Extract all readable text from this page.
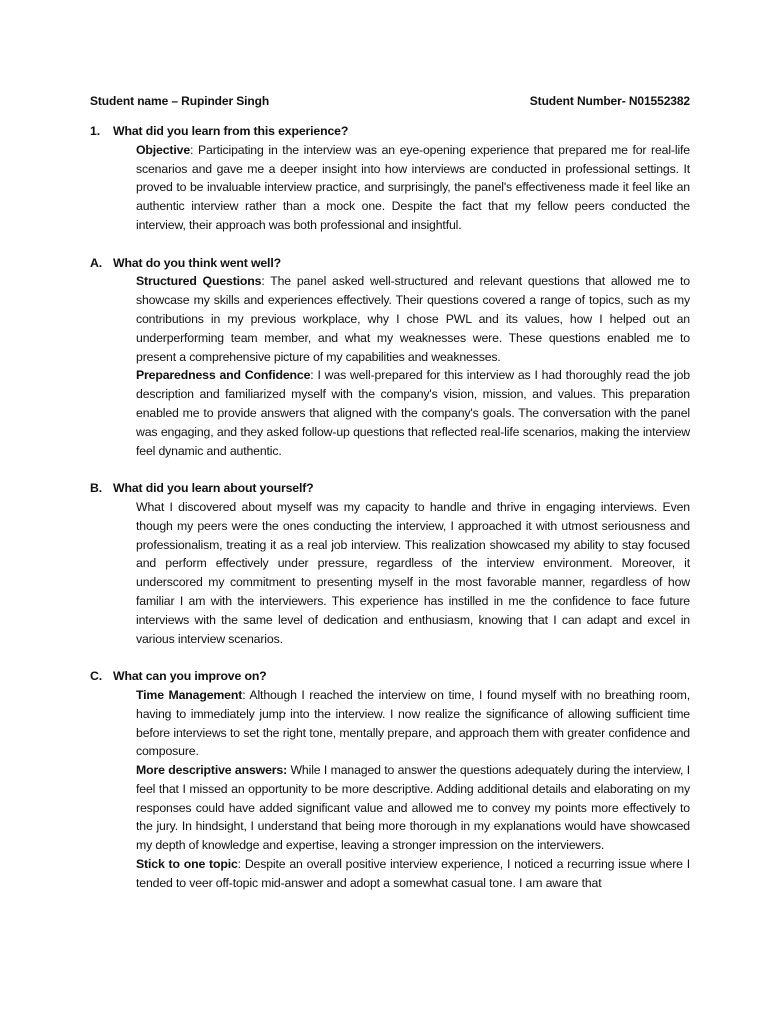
Student name – Rupinder Singh	Student Number- N01552382
1.	What did you learn from this experience?

Objective: Participating in the interview was an eye-opening experience that prepared me for real-life scenarios and gave me a deeper insight into how interviews are conducted in professional settings. It proved to be invaluable interview practice, and surprisingly, the panel's effectiveness made it feel like an authentic interview rather than a mock one. Despite the fact that my fellow peers conducted the interview, their approach was both professional and insightful.

A. What do you think went well?

Structured Questions: The panel asked well-structured and relevant questions that allowed me to showcase my skills and experiences effectively. Their questions covered a range of topics, such as my contributions in my previous workplace, why I chose PWL and its values, how I helped out an underperforming team member, and what my weaknesses were. These questions enabled me to present a comprehensive picture of my capabilities and weaknesses.

Preparedness and Confidence: I was well-prepared for this interview as I had thoroughly read the job description and familiarized myself with the company's vision, mission, and values. This preparation enabled me to provide answers that aligned with the company's goals. The conversation with the panel was engaging, and they asked follow-up questions that reflected real-life scenarios, making the interview feel dynamic and authentic.

B. What did you learn about yourself?

What I discovered about myself was my capacity to handle and thrive in engaging interviews. Even though my peers were the ones conducting the interview, I approached it with utmost seriousness and professionalism, treating it as a real job interview. This realization showcased my ability to stay focused and perform effectively under pressure, regardless of the interview environment. Moreover, it underscored my commitment to presenting myself in the most favorable manner, regardless of how familiar I am with the interviewers. This experience has instilled in me the confidence to face future interviews with the same level of dedication and enthusiasm, knowing that I can adapt and excel in various interview scenarios.

C. What can you improve on?

Time Management: Although I reached the interview on time, I found myself with no breathing room, having to immediately jump into the interview. I now realize the significance of allowing sufficient time before interviews to set the right tone, mentally prepare, and approach them with greater confidence and composure.

More descriptive answers: While I managed to answer the questions adequately during the interview, I feel that I missed an opportunity to be more descriptive. Adding additional details and elaborating on my responses could have added significant value and allowed me to convey my points more effectively to the jury. In hindsight, I understand that being more thorough in my explanations would have showcased my depth of knowledge and expertise, leaving a stronger impression on the interviewers.

Stick to one topic: Despite an overall positive interview experience, I noticed a recurring issue where I tended to veer off-topic mid-answer and adopt a somewhat casual tone. I am aware that
